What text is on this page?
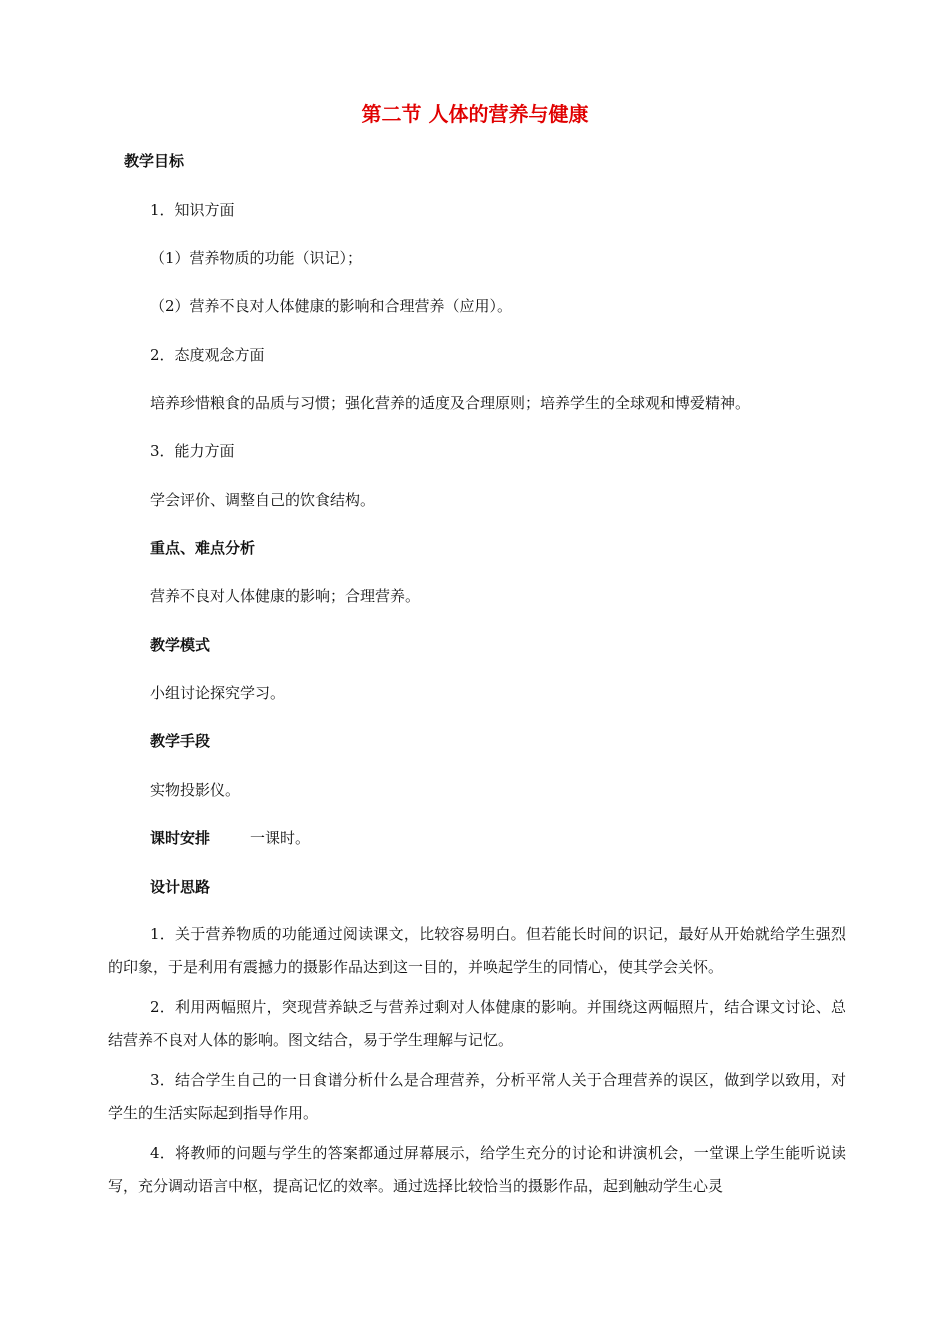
第二节 人体的营养与健康
教学目标
1．知识方面
（1）营养物质的功能（识记）；
（2）营养不良对人体健康的影响和合理营养（应用）。
2．态度观念方面
培养珍惜粮食的品质与习惯；强化营养的适度及合理原则；培养学生的全球观和博爱精神。
3．能力方面
学会评价、调整自己的饮食结构。
重点、难点分析
营养不良对人体健康的影响；合理营养。
教学模式
小组讨论探究学习。
教学手段
实物投影仪。
课时安排	一课时。
设计思路
1．关于营养物质的功能通过阅读课文，比较容易明白。但若能长时间的识记，最好从开始就给学生强烈的印象，于是利用有震撼力的摄影作品达到这一目的，并唤起学生的同情心，使其学会关怀。
2．利用两幅照片，突现营养缺乏与营养过剩对人体健康的影响。并围绕这两幅照片，结合课文讨论、总结营养不良对人体的影响。图文结合，易于学生理解与记忆。
3．结合学生自己的一日食谱分析什么是合理营养，分析平常人关于合理营养的误区，做到学以致用，对学生的生活实际起到指导作用。
4．将教师的问题与学生的答案都通过屏幕展示，给学生充分的讨论和讲演机会，一堂课上学生能听说读写，充分调动语言中枢，提高记忆的效率。通过选择比较恰当的摄影作品，起到触动学生心灵
